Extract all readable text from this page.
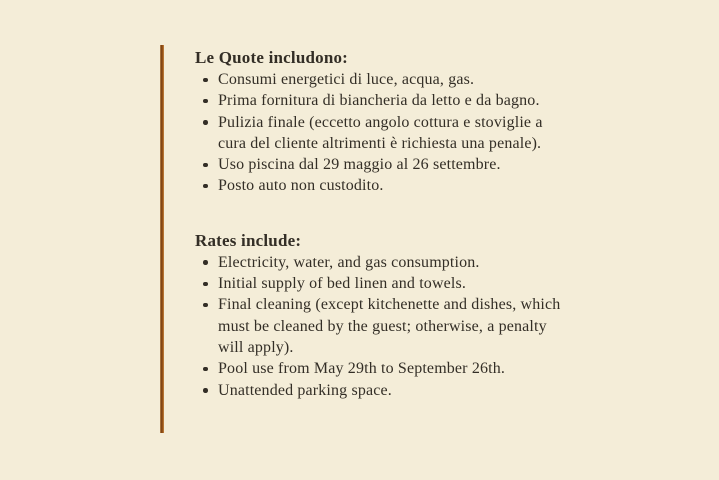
Le Quote includono:
Consumi energetici di luce, acqua, gas.
Prima fornitura di biancheria da letto e da bagno.
Pulizia finale (eccetto angolo cottura e stoviglie a cura del cliente altrimenti è richiesta una penale).
Uso piscina dal 29 maggio al 26 settembre.
Posto auto non custodito.
Rates include:
Electricity, water, and gas consumption.
Initial supply of bed linen and towels.
Final cleaning (except kitchenette and dishes, which must be cleaned by the guest; otherwise, a penalty will apply).
Pool use from May 29th to September 26th.
Unattended parking space.
